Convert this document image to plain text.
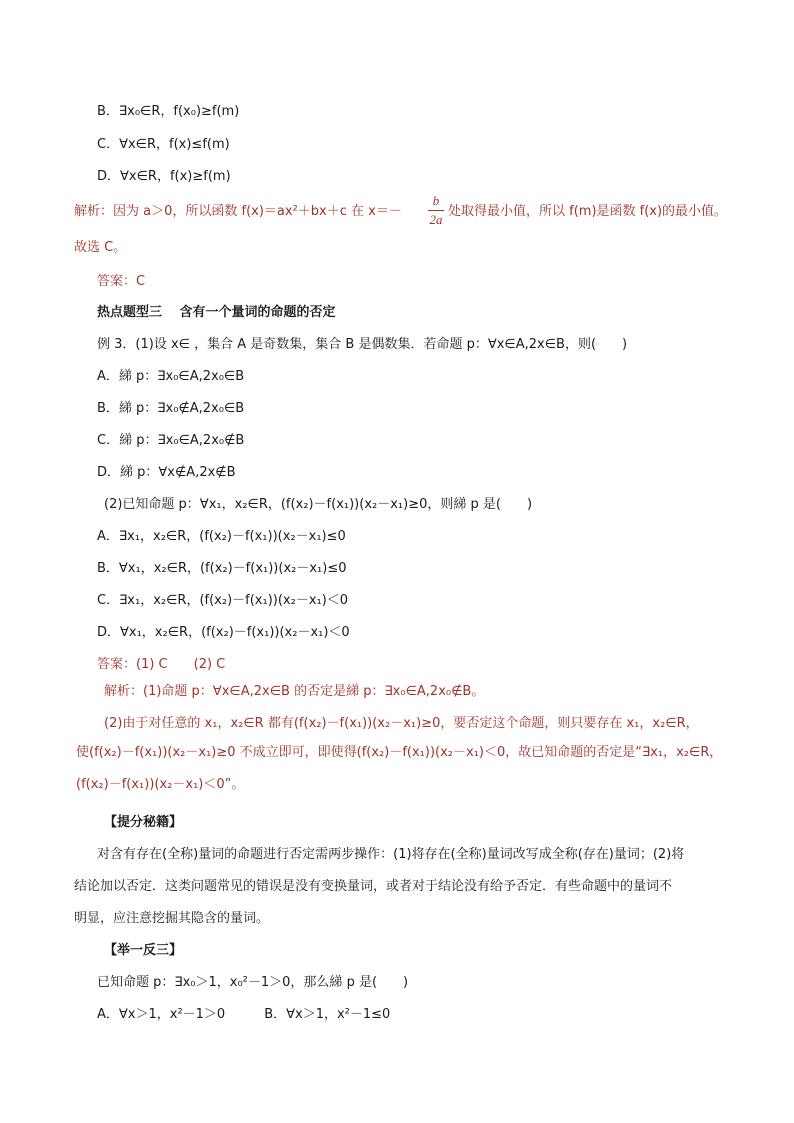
B．∃x₀∈R，f(x₀)≥f(m)
C．∀x∈R，f(x)≤f(m)
D．∀x∈R，f(x)≥f(m)
解析：因为 a＞0，所以函数 f(x)＝ax²＋bx＋c 在 x＝－
b
2a
处取得最小值，所以 f(m)是函数 f(x)的最小值。
故选 C。
答案：C
热点题型三　 含有一个量词的命题的否定
例 3．(1)设 x∈ ，集合 A 是奇数集，集合 B 是偶数集．若命题 p：∀x∈A,2x∈B，则(　　)
A．綈 p：∃x₀∈A,2x₀∈B
B．綈 p：∃x₀∉A,2x₀∈B
C．綈 p：∃x₀∈A,2x₀∉B
D．綈 p：∀x∉A,2x∉B
(2)已知命题 p：∀x₁，x₂∈R，(f(x₂)－f(x₁))(x₂－x₁)≥0，则綈 p 是(　　)
A．∃x₁，x₂∈R，(f(x₂)－f(x₁))(x₂－x₁)≤0
B．∀x₁，x₂∈R，(f(x₂)－f(x₁))(x₂－x₁)≤0
C．∃x₁，x₂∈R，(f(x₂)－f(x₁))(x₂－x₁)＜0
D．∀x₁，x₂∈R，(f(x₂)－f(x₁))(x₂－x₁)＜0
答案：(1) C　　(2) C
解析：(1)命题 p：∀x∈A,2x∈B 的否定是綈 p：∃x₀∈A,2x₀∉B。
(2)由于对任意的 x₁，x₂∈R 都有(f(x₂)－f(x₁))(x₂－x₁)≥0，要否定这个命题，则只要存在 x₁，x₂∈R，
使(f(x₂)－f(x₁))(x₂－x₁)≥0 不成立即可，即使得(f(x₂)－f(x₁))(x₂－x₁)＜0，故已知命题的否定是“∃x₁，x₂∈R，
(f(x₂)－f(x₁))(x₂－x₁)＜0”。
【提分秘籍】
对含有存在(全称)量词的命题进行否定需两步操作：(1)将存在(全称)量词改写成全称(存在)量词；(2)将
结论加以否定．这类问题常见的错误是没有变换量词，或者对于结论没有给予否定．有些命题中的量词不
明显，应注意挖掘其隐含的量词。
【举一反三】
已知命题 p：∃x₀＞1，x₀²－1＞0，那么綈 p 是(　　)
A．∀x＞1，x²－1＞0　　　B．∀x＞1，x²－1≤0
